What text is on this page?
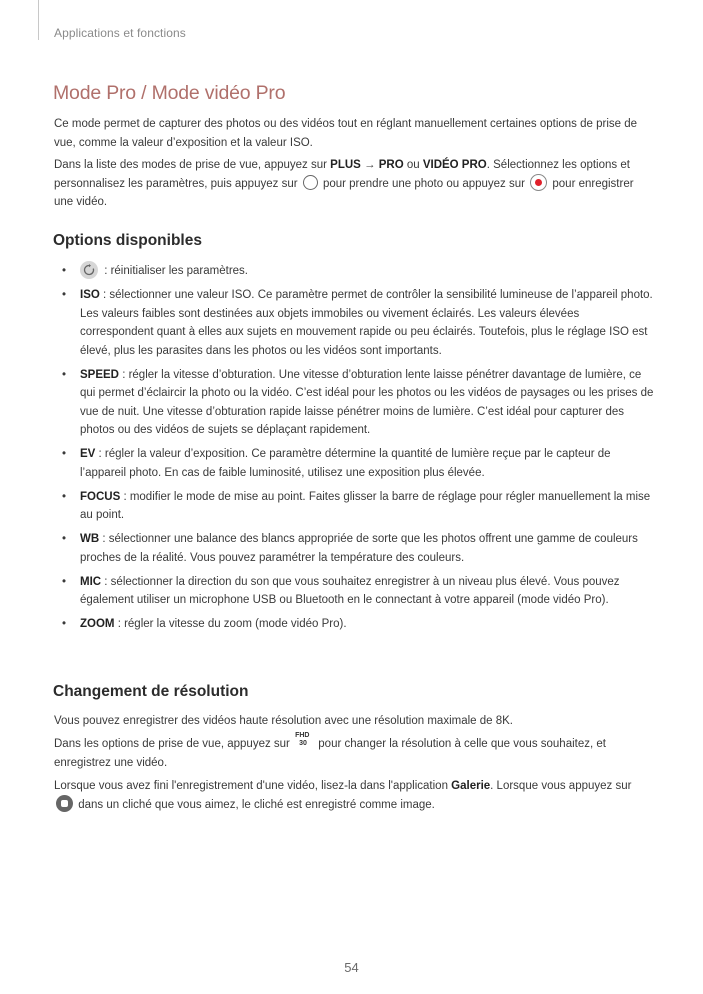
Applications et fonctions
Mode Pro / Mode vidéo Pro

Ce mode permet de capturer des photos ou des vidéos tout en réglant manuellement certaines options de prise de vue, comme la valeur d’exposition et la valeur ISO.

Dans la liste des modes de prise de vue, appuyez sur PLUS → PRO ou VIDÉO PRO. Sélectionnez les options et personnalisez les paramètres, puis appuyez sur  pour prendre une photo ou appuyez sur  pour enregistrer une vidéo.

Options disponibles
• : réinitialiser les paramètres.
• ISO : sélectionner une valeur ISO. Ce paramètre permet de contrôler la sensibilité lumineuse de l’appareil photo. Les valeurs faibles sont destinées aux objets immobiles ou vivement éclairés. Les valeurs élevées correspondent quant à elles aux sujets en mouvement rapide ou peu éclairés. Toutefois, plus le réglage ISO est élevé, plus les parasites dans les photos ou les vidéos sont importants.
• SPEED : régler la vitesse d’obturation. Une vitesse d’obturation lente laisse pénétrer davantage de lumière, ce qui permet d’éclaircir la photo ou la vidéo. C’est idéal pour les photos ou les vidéos de paysages ou les prises de vue de nuit. Une vitesse d’obturation rapide laisse pénétrer moins de lumière. C’est idéal pour capturer des photos ou des vidéos de sujets se déplaçant rapidement.
• EV : régler la valeur d’exposition. Ce paramètre détermine la quantité de lumière reçue par le capteur de l’appareil photo. En cas de faible luminosité, utilisez une exposition plus élevée.
• FOCUS : modifier le mode de mise au point. Faites glisser la barre de réglage pour régler manuellement la mise au point.
• WB : sélectionner une balance des blancs appropriée de sorte que les photos offrent une gamme de couleurs proches de la réalité. Vous pouvez paramétrer la température des couleurs.
• MIC : sélectionner la direction du son que vous souhaitez enregistrer à un niveau plus élevé. Vous pouvez également utiliser un microphone USB ou Bluetooth en le connectant à votre appareil (mode vidéo Pro).
• ZOOM : régler la vitesse du zoom (mode vidéo Pro).
Changement de résolution

Vous pouvez enregistrer des vidéos haute résolution avec une résolution maximale de 8K.

Dans les options de prise de vue, appuyez sur
FHD
30 pour changer la résolution à celle que vous souhaitez, et enregistrez une vidéo.

Lorsque vous avez fini l'enregistrement d'une vidéo, lisez-la dans l'application Galerie. Lorsque vous appuyez sur  dans un cliché que vous aimez, le cliché est enregistré comme image.

54
